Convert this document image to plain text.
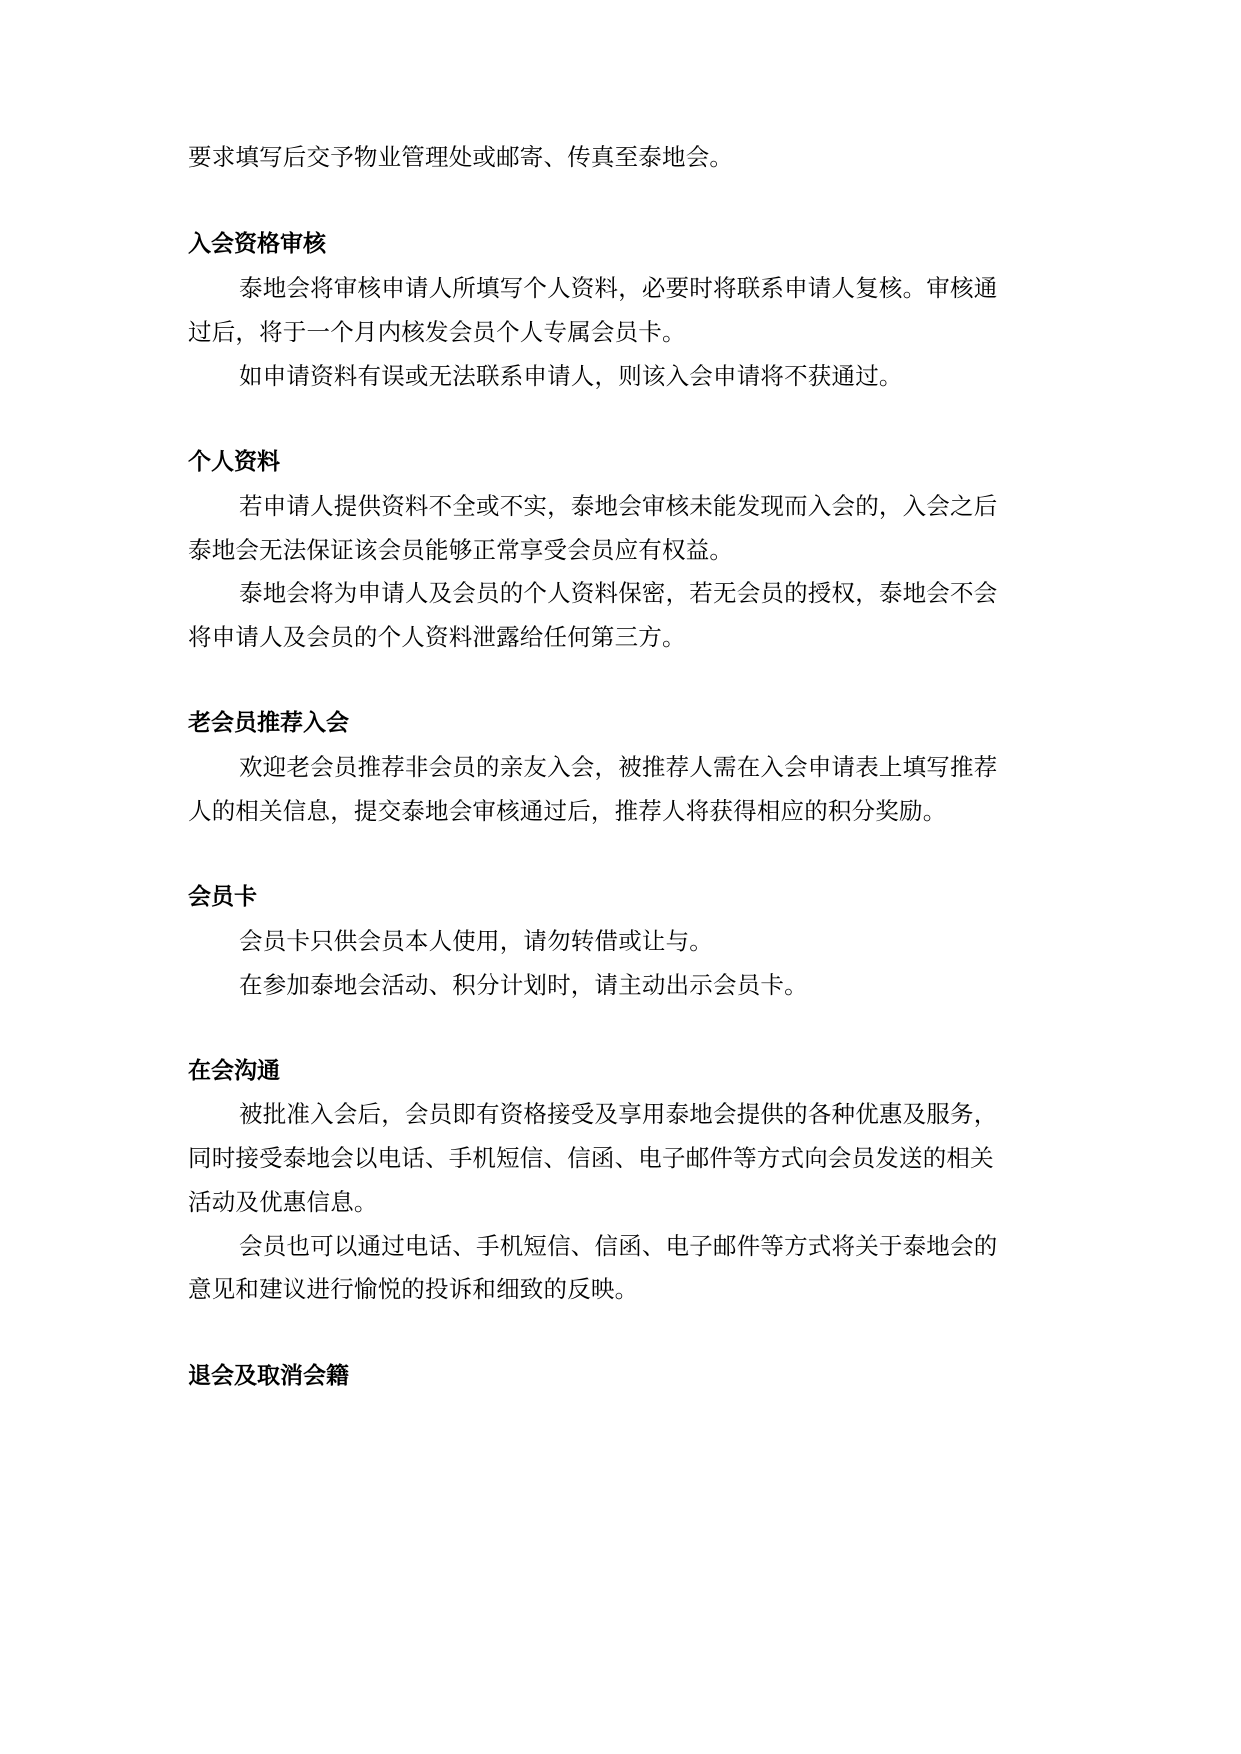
要求填写后交予物业管理处或邮寄、传真至泰地会。
入会资格审核
泰地会将审核申请人所填写个人资料，必要时将联系申请人复核。审核通
过后，将于一个月内核发会员个人专属会员卡。
如申请资料有误或无法联系申请人，则该入会申请将不获通过。
个人资料
若申请人提供资料不全或不实，泰地会审核未能发现而入会的，入会之后
泰地会无法保证该会员能够正常享受会员应有权益。
泰地会将为申请人及会员的个人资料保密，若无会员的授权，泰地会不会
将申请人及会员的个人资料泄露给任何第三方。
老会员推荐入会
欢迎老会员推荐非会员的亲友入会，被推荐人需在入会申请表上填写推荐
人的相关信息，提交泰地会审核通过后，推荐人将获得相应的积分奖励。
会员卡
会员卡只供会员本人使用，请勿转借或让与。
在参加泰地会活动、积分计划时，请主动出示会员卡。
在会沟通
被批准入会后，会员即有资格接受及享用泰地会提供的各种优惠及服务，
同时接受泰地会以电话、手机短信、信函、电子邮件等方式向会员发送的相关
活动及优惠信息。
会员也可以通过电话、手机短信、信函、电子邮件等方式将关于泰地会的
意见和建议进行愉悦的投诉和细致的反映。
退会及取消会籍
